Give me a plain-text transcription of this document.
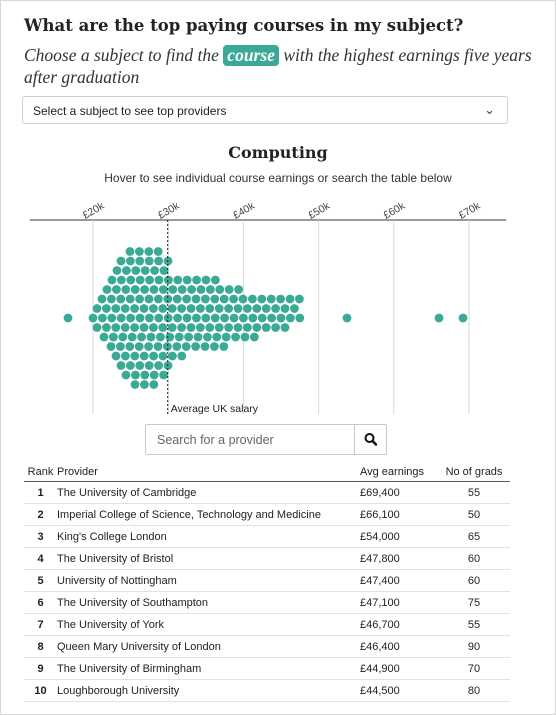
What are the top paying courses in my subject?
Choose a subject to find the course with the highest earnings five years after graduation
Select a subject to see top providers	⌄
Computing
Hover to see individual course earnings or search the table below
£20k	£30k	£40k	£50k	£60k	£70k
Average UK salary
Search for a provider
Rank	Provider	Avg earnings	No of grads
1	The University of Cambridge	£69,400	55
2	Imperial College of Science, Technology and Medicine	£66,100	50
3	King's College London	£54,000	65
4	The University of Bristol	£47,800	60
5	University of Nottingham	£47,400	60
6	The University of Southampton	£47,100	75
7	The University of York	£46,700	55
8	Queen Mary University of London	£46,400	90
9	The University of Birmingham	£44,900	70
10	Loughborough University	£44,500	80
